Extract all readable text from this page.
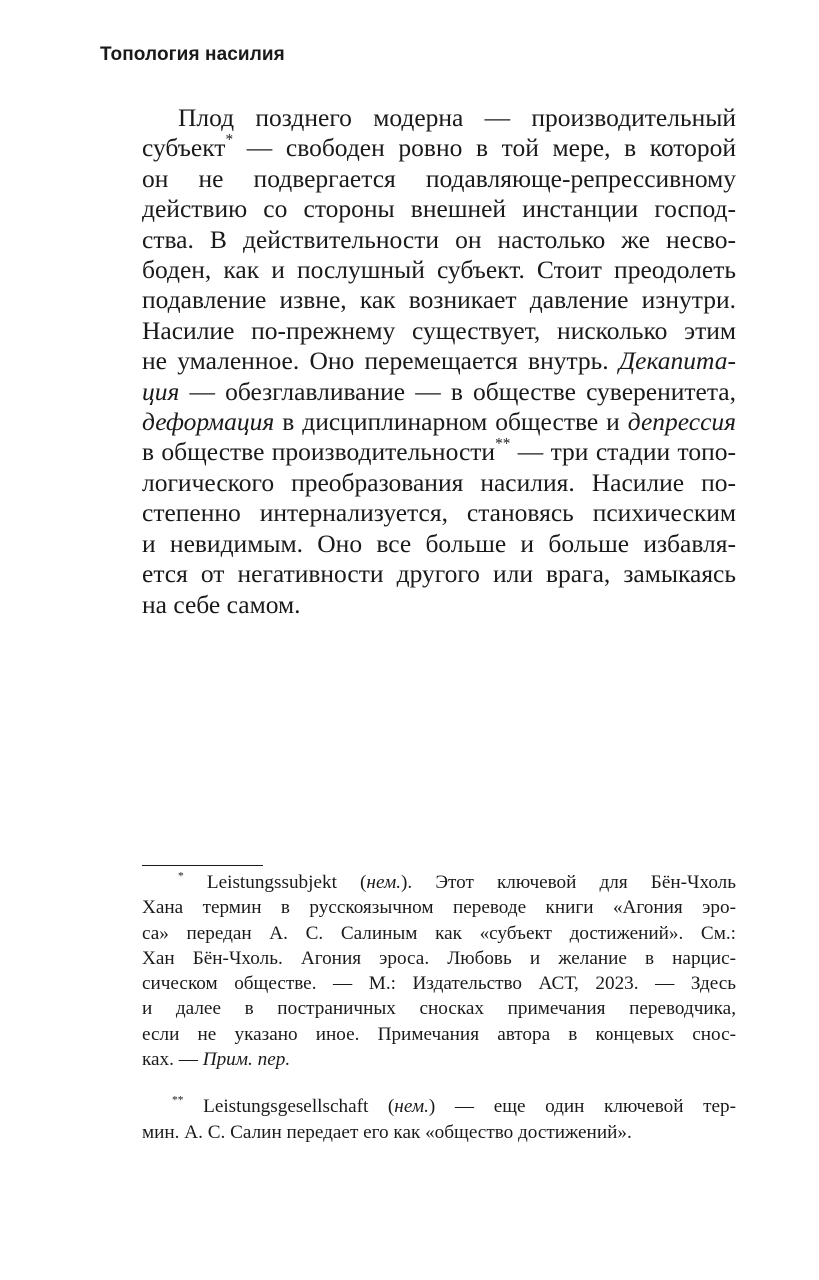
Топология насилия
Плод позднего модерна — производительный
субъект* — свободен ровно в той мере, в которой
он не подвергается подавляюще-репрессивному
действию со стороны внешней инстанции господ-
ства. В действительности он настолько же несво-
боден, как и послушный субъект. Стоит преодолеть
подавление извне, как возникает давление изнутри.
Насилие по-прежнему существует, нисколько этим
не умаленное. Оно перемещается внутрь. Декапита-
ция — обезглавливание — в обществе суверенитета,
деформация в дисциплинарном обществе и депрессия
в обществе производительности** — три стадии топо-
логического преобразования насилия. Насилие по-
степенно интернализуется, становясь психическим
и невидимым. Оно все больше и больше избавля-
ется от негативности другого или врага, замыкаясь
на себе самом.
* Leistungssubjekt (нем.). Этот ключевой для Бён-Чхоль
Хана термин в русскоязычном переводе книги «Агония эро-
са» передан А. С. Салиным как «субъект достижений». См.:
Хан Бён-Чхоль. Агония эроса. Любовь и желание в нарцис-
сическом обществе. — М.: Издательство АСТ, 2023. — Здесь
и далее в постраничных сносках примечания переводчика,
если не указано иное. Примечания автора в концевых снос-
ках. — Прим. пер.
** Leistungsgesellschaft (нем.) — еще один ключевой тер-
мин. А. С. Салин передает его как «общество достижений».
